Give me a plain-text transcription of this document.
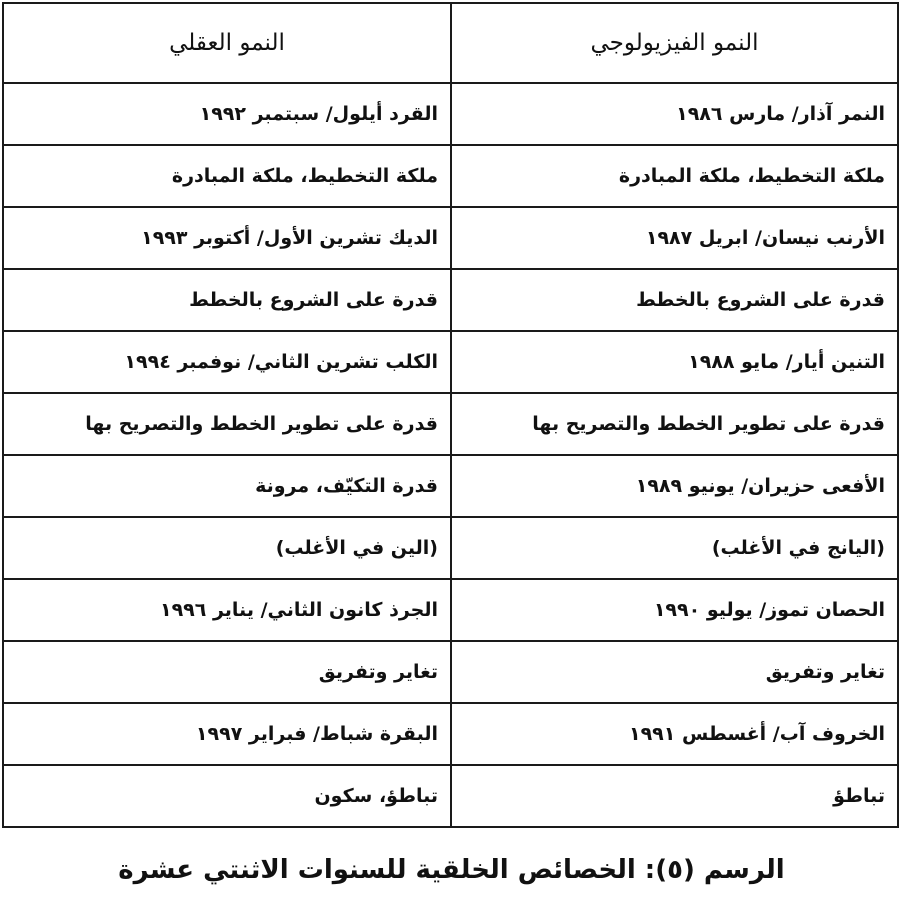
النمو الفيزيولوجي	النمو العقلي
النمر آذار/ مارس ١٩٨٦	القرد أيلول/ سبتمبر ١٩٩٢
ملكة التخطيط، ملكة المبادرة	ملكة التخطيط، ملكة المبادرة
الأرنب نيسان/ ابريل ١٩٨٧	الديك تشرين الأول/ أكتوبر ١٩٩٣
قدرة على الشروع بالخطط	قدرة على الشروع بالخطط
التنين أيار/ مايو ١٩٨٨	الكلب تشرين الثاني/ نوفمبر ١٩٩٤
قدرة على تطوير الخطط والتصريح بها	قدرة على تطوير الخطط والتصريح بها
الأفعى حزيران/ يونيو ١٩٨٩	قدرة التكيّف، مرونة
(اليانج في الأغلب)	(الين في الأغلب)
الحصان تموز/ يوليو ١٩٩٠	الجرذ كانون الثاني/ يناير ١٩٩٦
تغاير وتفريق	تغاير وتفريق
الخروف آب/ أغسطس ١٩٩١	البقرة شباط/ فبراير ١٩٩٧
تباطؤ	تباطؤ، سكون
الرسم (٥): الخصائص الخلقية للسنوات الاثنتي عشرة
